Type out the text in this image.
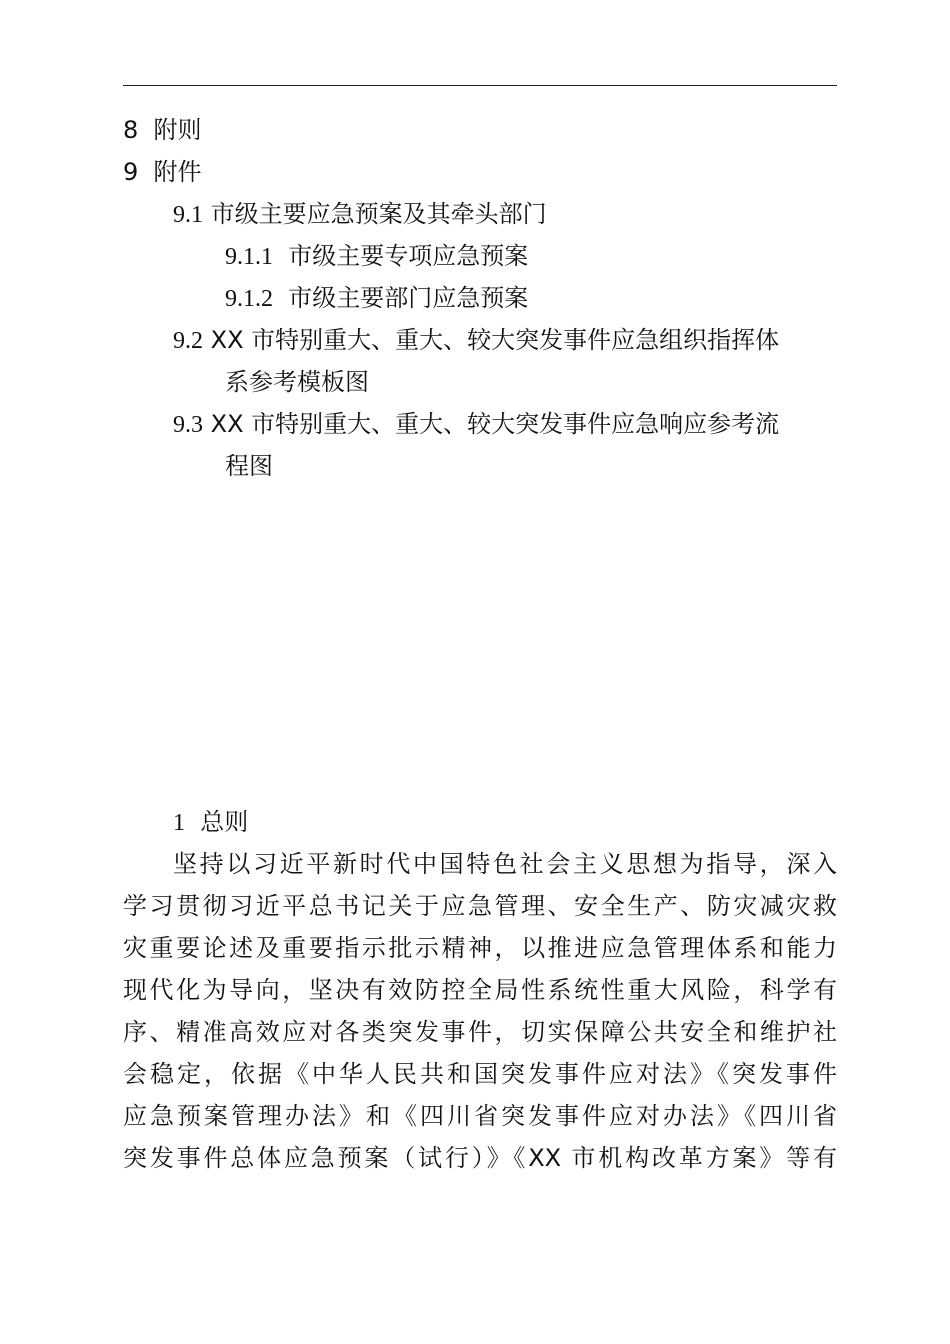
8 附则
9 附件
9.1 市级主要应急预案及其牵头部门
9.1.1 市级主要专项应急预案
9.1.2 市级主要部门应急预案
9.2 XX 市特别重大、重大、较大突发事件应急组织指挥体
系参考模板图
9.3 XX 市特别重大、重大、较大突发事件应急响应参考流
程图
1 总则
坚持以习近平新时代中国特色社会主义思想为指导，深入
学习贯彻习近平总书记关于应急管理、安全生产、防灾减灾救
灾重要论述及重要指示批示精神，以推进应急管理体系和能力
现代化为导向，坚决有效防控全局性系统性重大风险，科学有
序、精准高效应对各类突发事件，切实保障公共安全和维护社
会稳定，依据《中华人民共和国突发事件应对法》《突发事件
应急预案管理办法》和《四川省突发事件应对办法》《四川省
突发事件总体应急预案（试行）》《XX 市机构改革方案》等有
